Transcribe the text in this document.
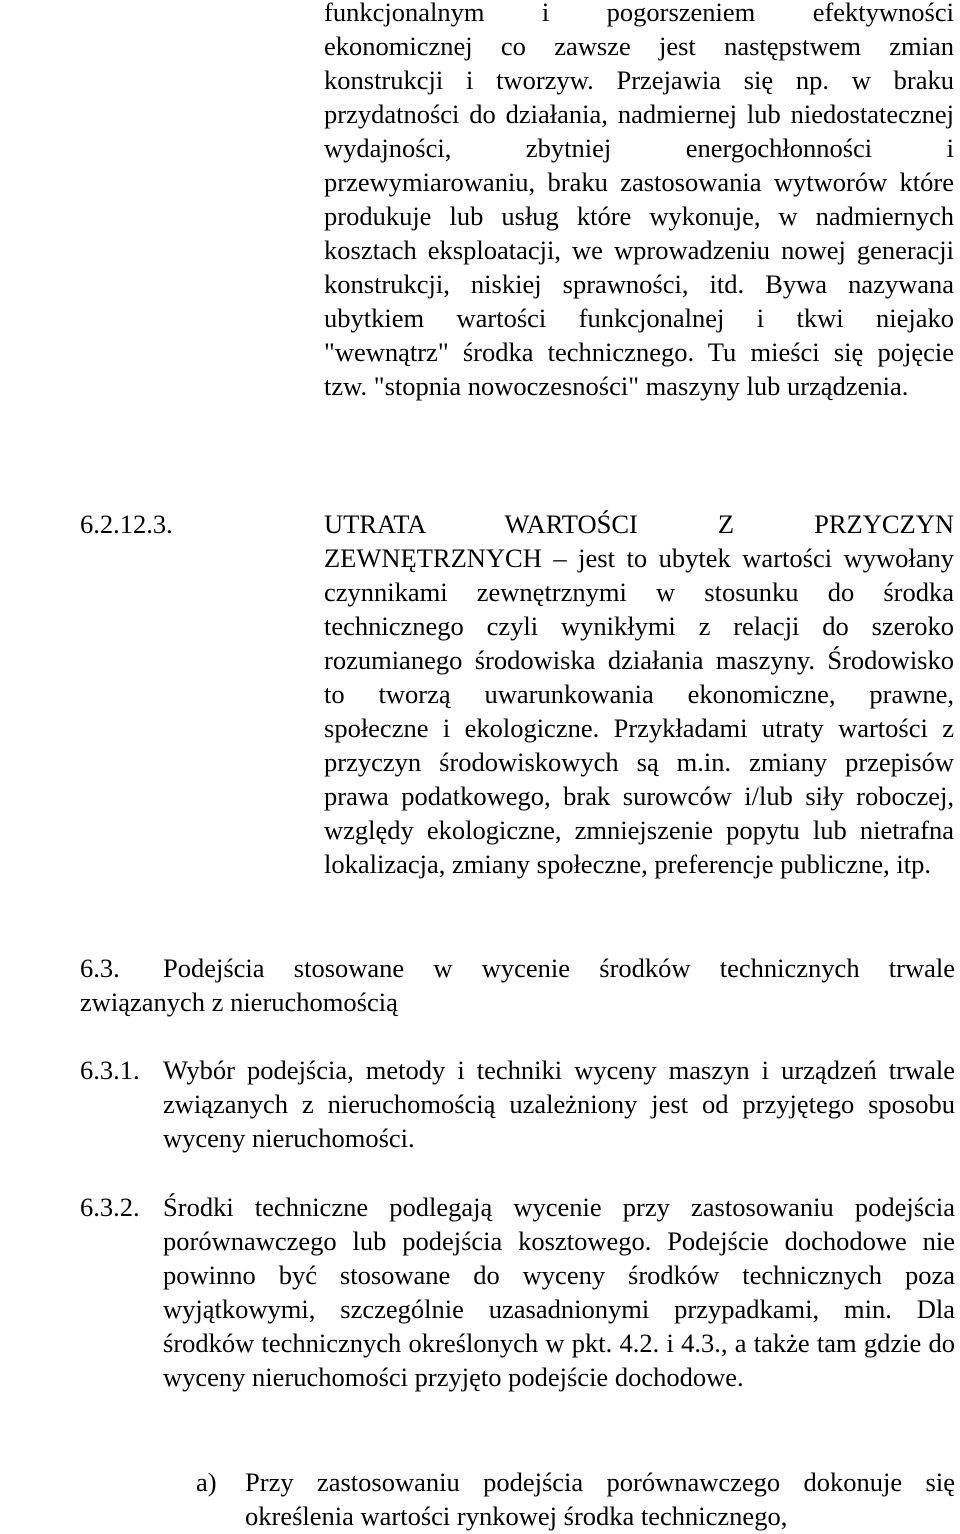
funkcjonalnym i pogorszeniem efektywności ekonomicznej co zawsze jest następstwem zmian konstrukcji i tworzyw. Przejawia się np. w braku przydatności do działania, nadmiernej lub niedostatecznej wydajności, zbytniej energochłonności i przewymiarowaniu, braku zastosowania wytworów które produkuje lub usług które wykonuje, w nadmiernych kosztach eksploatacji, we wprowadzeniu nowej generacji konstrukcji, niskiej sprawności, itd. Bywa nazywana ubytkiem wartości funkcjonalnej i tkwi niejako "wewnątrz" środka technicznego. Tu mieści się pojęcie tzw. "stopnia nowoczesności" maszyny lub urządzenia.

6.2.12.3.	UTRATA WARTOŚCI Z PRZYCZYN ZEWNĘTRZNYCH – jest to ubytek wartości wywołany czynnikami zewnętrznymi w stosunku do środka technicznego czyli wynikłymi z relacji do szeroko rozumianego środowiska działania maszyny. Środowisko to tworzą uwarunkowania ekonomiczne, prawne, społeczne i ekologiczne. Przykładami utraty wartości z przyczyn środowiskowych są m.in. zmiany przepisów prawa podatkowego, brak surowców i/lub siły roboczej, względy ekologiczne, zmniejszenie popytu lub nietrafna lokalizacja, zmiany społeczne, preferencje publiczne, itp.

6.3. Podejścia stosowane w wycenie środków technicznych trwale

związanych z nieruchomością

6.3.1. Wybór podejścia, metody i techniki wyceny maszyn i urządzeń trwale związanych z nieruchomością uzależniony jest od przyjętego sposobu wyceny nieruchomości.

6.3.2. Środki techniczne podlegają wycenie przy zastosowaniu podejścia porównawczego lub podejścia kosztowego. Podejście dochodowe nie powinno być stosowane do wyceny środków technicznych poza wyjątkowymi, szczególnie uzasadnionymi przypadkami, min. Dla środków technicznych określonych w pkt. 4.2. i 4.3., a także tam gdzie do wyceny nieruchomości przyjęto podejście dochodowe.

a) Przy zastosowaniu podejścia porównawczego dokonuje się określenia wartości rynkowej środka technicznego,
